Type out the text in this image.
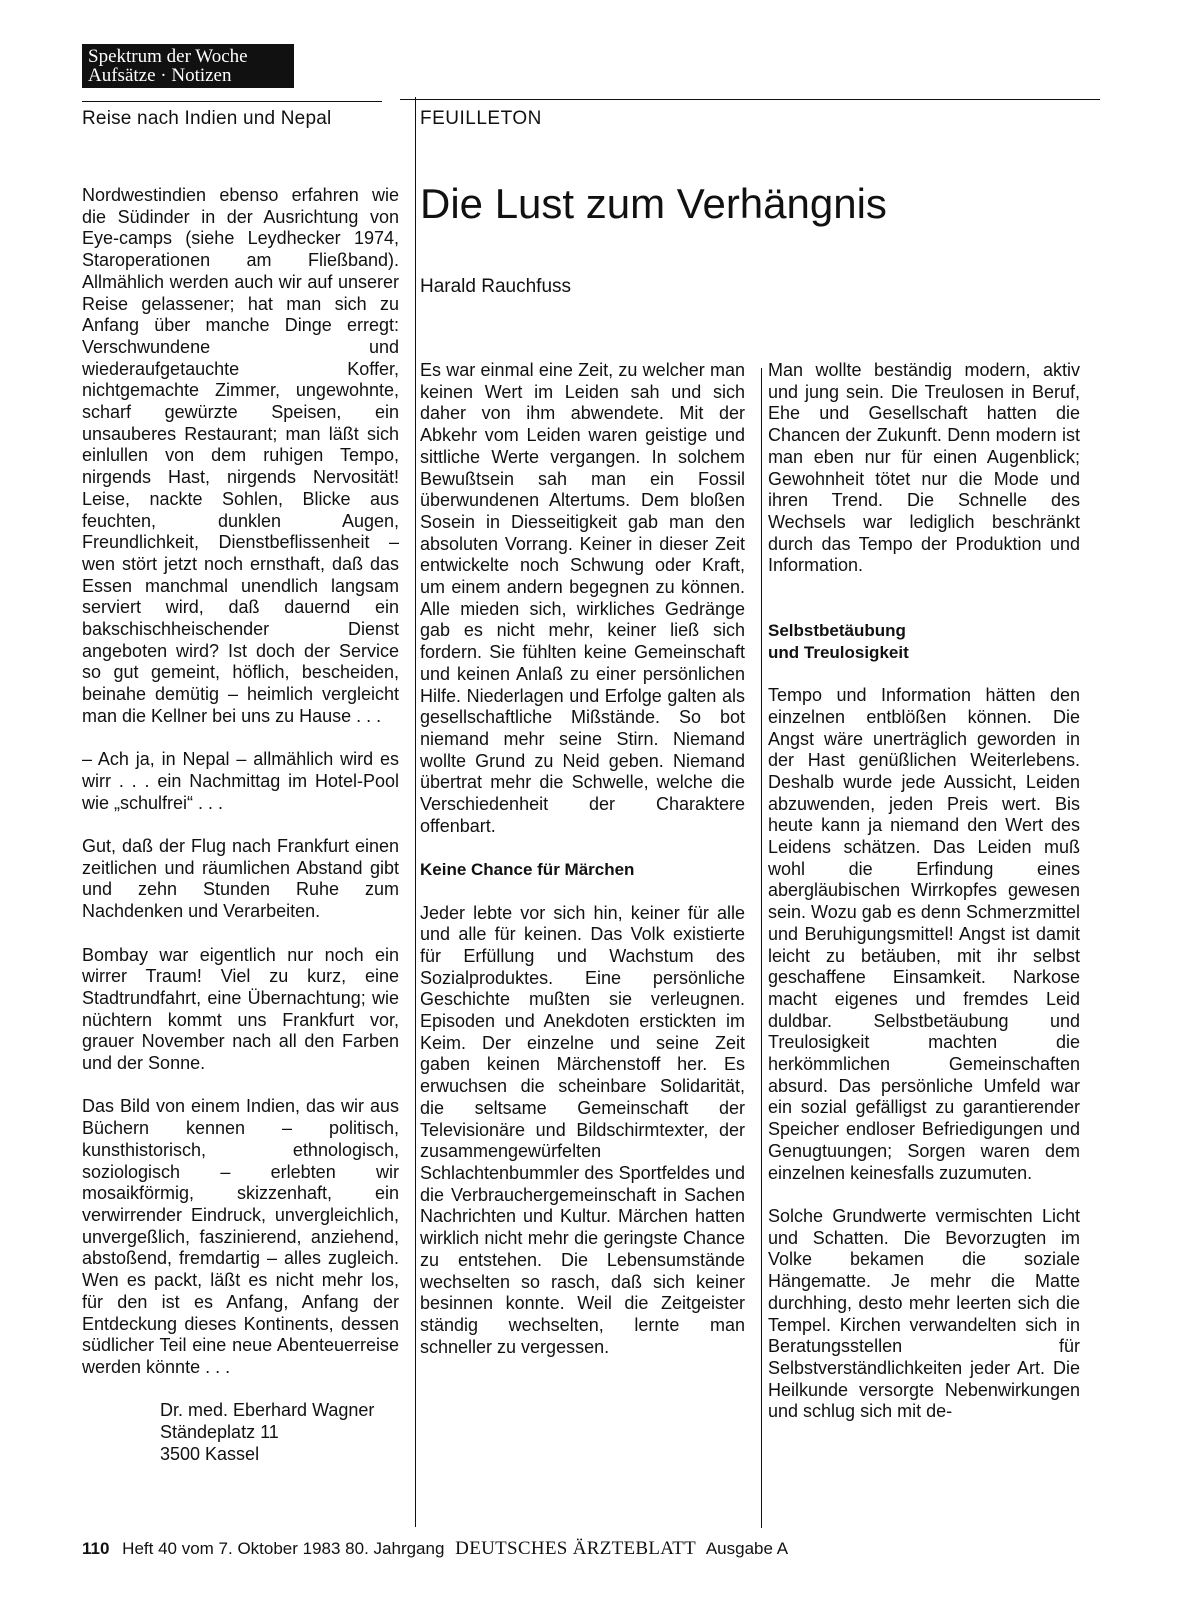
Spektrum der Woche
Aufsätze · Notizen
Reise nach Indien und Nepal	FEUILLETON
Die Lust zum Verhängnis
Harald Rauchfuss

Nordwestindien ebenso erfahren wie die Südinder in der Ausrichtung von Eye-camps (siehe Leydhecker 1974, Staroperationen am Fließband). Allmählich werden auch wir auf unserer Reise gelassener; hat man sich zu Anfang über manche Dinge erregt: Verschwundene und wiederaufgetauchte Koffer, nichtgemachte Zimmer, ungewohnte, scharf gewürzte Speisen, ein unsauberes Restaurant; man läßt sich einlullen von dem ruhigen Tempo, nirgends Hast, nirgends Nervosität! Leise, nackte Sohlen, Blicke aus feuchten, dunklen Augen, Freundlichkeit, Dienstbeflissenheit – wen stört jetzt noch ernsthaft, daß das Essen manchmal unendlich langsam serviert wird, daß dauernd ein bakschischheischender Dienst angeboten wird? Ist doch der Service so gut gemeint, höflich, bescheiden, beinahe demütig – heimlich vergleicht man die Kellner bei uns zu Hause . . .

– Ach ja, in Nepal – allmählich wird es wirr . . . ein Nachmittag im Hotel-Pool wie „schulfrei“ . . .

Gut, daß der Flug nach Frankfurt einen zeitlichen und räumlichen Abstand gibt und zehn Stunden Ruhe zum Nachdenken und Verarbeiten.

Bombay war eigentlich nur noch ein wirrer Traum! Viel zu kurz, eine Stadtrundfahrt, eine Übernachtung; wie nüchtern kommt uns Frankfurt vor, grauer November nach all den Farben und der Sonne.

Das Bild von einem Indien, das wir aus Büchern kennen – politisch, kunsthistorisch, ethnologisch, soziologisch – erlebten wir mosaikförmig, skizzenhaft, ein verwirrender Eindruck, unvergleichlich, unvergeßlich, faszinierend, anziehend, abstoßend, fremdartig – alles zugleich. Wen es packt, läßt es nicht mehr los, für den ist es Anfang, Anfang der Entdeckung dieses Kontinents, dessen südlicher Teil eine neue Abenteuerreise werden könnte . . .

Dr. med. Eberhard Wagner
Ständeplatz 11
3500 Kassel

Es war einmal eine Zeit, zu welcher man keinen Wert im Leiden sah und sich daher von ihm abwendete. Mit der Abkehr vom Leiden waren geistige und sittliche Werte vergangen. In solchem Bewußtsein sah man ein Fossil überwundenen Altertums. Dem bloßen Sosein in Diesseitigkeit gab man den absoluten Vorrang. Keiner in dieser Zeit entwickelte noch Schwung oder Kraft, um einem andern begegnen zu können. Alle mieden sich, wirkliches Gedränge gab es nicht mehr, keiner ließ sich fordern. Sie fühlten keine Gemeinschaft und keinen Anlaß zu einer persönlichen Hilfe. Niederlagen und Erfolge galten als gesellschaftliche Mißstände. So bot niemand mehr seine Stirn. Niemand wollte Grund zu Neid geben. Niemand übertrat mehr die Schwelle, welche die Verschiedenheit der Charaktere offenbart.

Keine Chance für Märchen

Jeder lebte vor sich hin, keiner für alle und alle für keinen. Das Volk existierte für Erfüllung und Wachstum des Sozialproduktes. Eine persönliche Geschichte mußten sie verleugnen. Episoden und Anekdoten erstickten im Keim. Der einzelne und seine Zeit gaben keinen Märchenstoff her. Es erwuchsen die scheinbare Solidarität, die seltsame Gemeinschaft der Televisionäre und Bildschirmtexter, der zusammengewürfelten Schlachtenbummler des Sportfeldes und die Verbrauchergemeinschaft in Sachen Nachrichten und Kultur. Märchen hatten wirklich nicht mehr die geringste Chance zu entstehen. Die Lebensumstände wechselten so rasch, daß sich keiner besinnen konnte. Weil die Zeitgeister ständig wechselten, lernte man schneller zu vergessen.

Man wollte beständig modern, aktiv und jung sein. Die Treulosen in Beruf, Ehe und Gesellschaft hatten die Chancen der Zukunft. Denn modern ist man eben nur für einen Augenblick; Gewohnheit tötet nur die Mode und ihren Trend. Die Schnelle des Wechsels war lediglich beschränkt durch das Tempo der Produktion und Information.

Selbstbetäubung
und Treulosigkeit

Tempo und Information hätten den einzelnen entblößen können. Die Angst wäre unerträglich geworden in der Hast genüßlichen Weiterlebens. Deshalb wurde jede Aussicht, Leiden abzuwenden, jeden Preis wert. Bis heute kann ja niemand den Wert des Leidens schätzen. Das Leiden muß wohl die Erfindung eines abergläubischen Wirrkopfes gewesen sein. Wozu gab es denn Schmerzmittel und Beruhigungsmittel! Angst ist damit leicht zu betäuben, mit ihr selbst geschaffene Einsamkeit. Narkose macht eigenes und fremdes Leid duldbar. Selbstbetäubung und Treulosigkeit machten die herkömmlichen Gemeinschaften absurd. Das persönliche Umfeld war ein sozial gefälligst zu garantierender Speicher endloser Befriedigungen und Genugtuungen; Sorgen waren dem einzelnen keinesfalls zuzumuten.

Solche Grundwerte vermischten Licht und Schatten. Die Bevorzugten im Volke bekamen die soziale Hängematte. Je mehr die Matte durchhing, desto mehr leerten sich die Tempel. Kirchen verwandelten sich in Beratungsstellen für Selbstverständlichkeiten jeder Art. Die Heilkunde versorgte Nebenwirkungen und schlug sich mit de-

110 Heft 40 vom 7. Oktober 1983 80. Jahrgang DEUTSCHES ÄRZTEBLATT Ausgabe A
